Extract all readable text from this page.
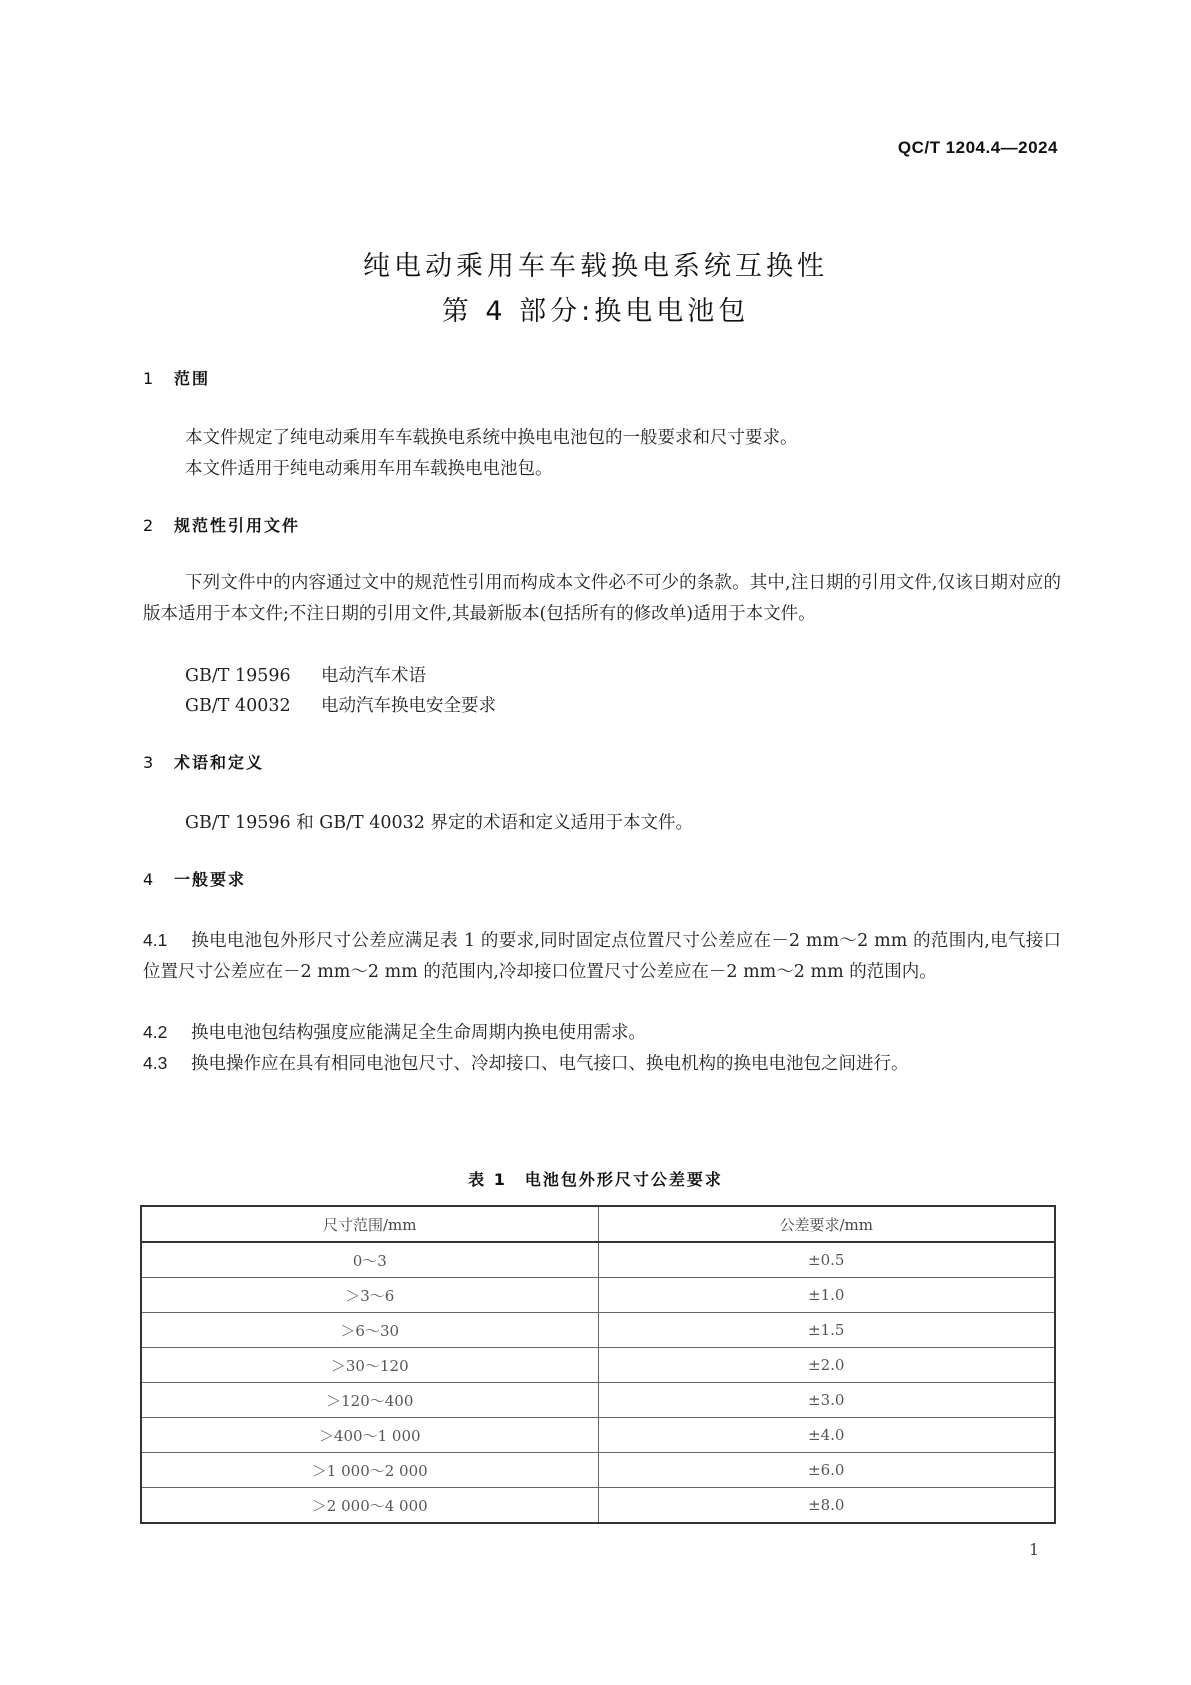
QC/T 1204.4—2024
纯电动乘用车车载换电系统互换性
第 4 部分:换电电池包
1 范围
本文件规定了纯电动乘用车车载换电系统中换电电池包的一般要求和尺寸要求。
本文件适用于纯电动乘用车用车载换电电池包。
2 规范性引用文件
下列文件中的内容通过文中的规范性引用而构成本文件必不可少的条款。其中,注日期的引用文件,仅该日期对应的版本适用于本文件;不注日期的引用文件,其最新版本(包括所有的修改单)适用于本文件。
GB/T 19596 电动汽车术语
GB/T 40032 电动汽车换电安全要求
3 术语和定义
GB/T 19596 和 GB/T 40032 界定的术语和定义适用于本文件。
4 一般要求
4.1 换电电池包外形尺寸公差应满足表 1 的要求,同时固定点位置尺寸公差应在－2 mm～2 mm 的范围内,电气接口位置尺寸公差应在－2 mm～2 mm 的范围内,冷却接口位置尺寸公差应在－2 mm～2 mm 的范围内。
4.2 换电电池包结构强度应能满足全生命周期内换电使用需求。
4.3 换电操作应在具有相同电池包尺寸、冷却接口、电气接口、换电机构的换电电池包之间进行。
表 1　电池包外形尺寸公差要求
尺寸范围/mm	公差要求/mm
0～3	±0.5
＞3～6	±1.0
＞6～30	±1.5
＞30～120	±2.0
＞120～400	±3.0
＞400～1 000	±4.0
＞1 000～2 000	±6.0
＞2 000～4 000	±8.0
1
